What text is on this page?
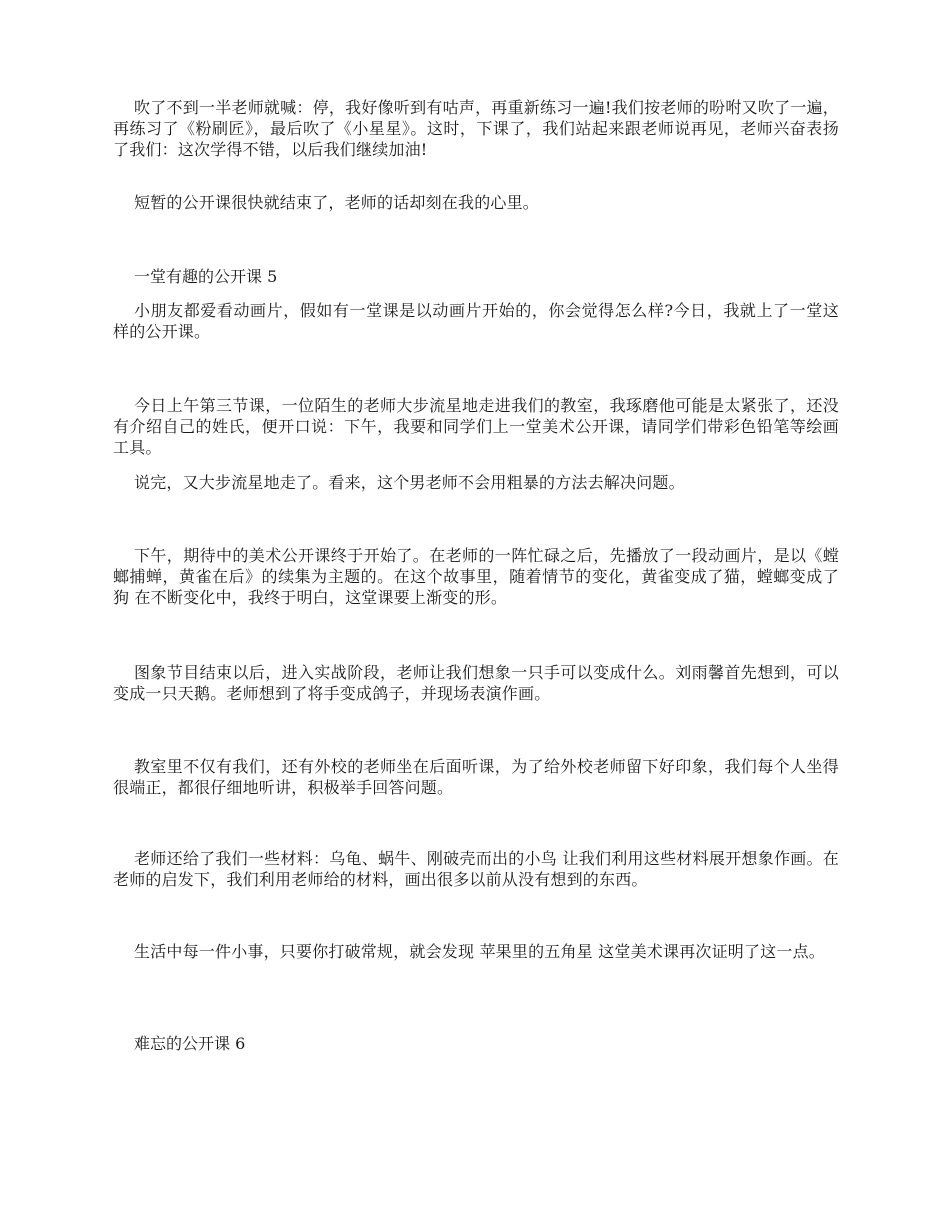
吹了不到一半老师就喊：停，我好像听到有咕声，再重新练习一遍!我们按老师的吩咐又吹了一遍，再练习了《粉刷匠》，最后吹了《小星星》。这时，下课了，我们站起来跟老师说再见，老师兴奋表扬了我们：这次学得不错，以后我们继续加油!

短暂的公开课很快就结束了，老师的话却刻在我的心里。

一堂有趣的公开课 5

小朋友都爱看动画片，假如有一堂课是以动画片开始的，你会觉得怎么样?今日，我就上了一堂这样的公开课。

今日上午第三节课，一位陌生的老师大步流星地走进我们的教室，我琢磨他可能是太紧张了，还没有介绍自己的姓氏，便开口说：下午，我要和同学们上一堂美术公开课，请同学们带彩色铅笔等绘画工具。

说完，又大步流星地走了。看来，这个男老师不会用粗暴的方法去解决问题。

下午，期待中的美术公开课终于开始了。在老师的一阵忙碌之后，先播放了一段动画片，是以《螳螂捕蝉，黄雀在后》的续集为主题的。在这个故事里，随着情节的变化，黄雀变成了猫，螳螂变成了狗 在不断变化中，我终于明白，这堂课要上渐变的形。

图象节目结束以后，进入实战阶段，老师让我们想象一只手可以变成什么。刘雨馨首先想到，可以变成一只天鹅。老师想到了将手变成鸽子，并现场表演作画。

教室里不仅有我们，还有外校的老师坐在后面听课，为了给外校老师留下好印象，我们每个人坐得很端正，都很仔细地听讲，积极举手回答问题。

老师还给了我们一些材料：乌龟、蜗牛、刚破壳而出的小鸟 让我们利用这些材料展开想象作画。在老师的启发下，我们利用老师给的材料，画出很多以前从没有想到的东西。

生活中每一件小事，只要你打破常规，就会发现 苹果里的五角星 这堂美术课再次证明了这一点。

难忘的公开课 6
